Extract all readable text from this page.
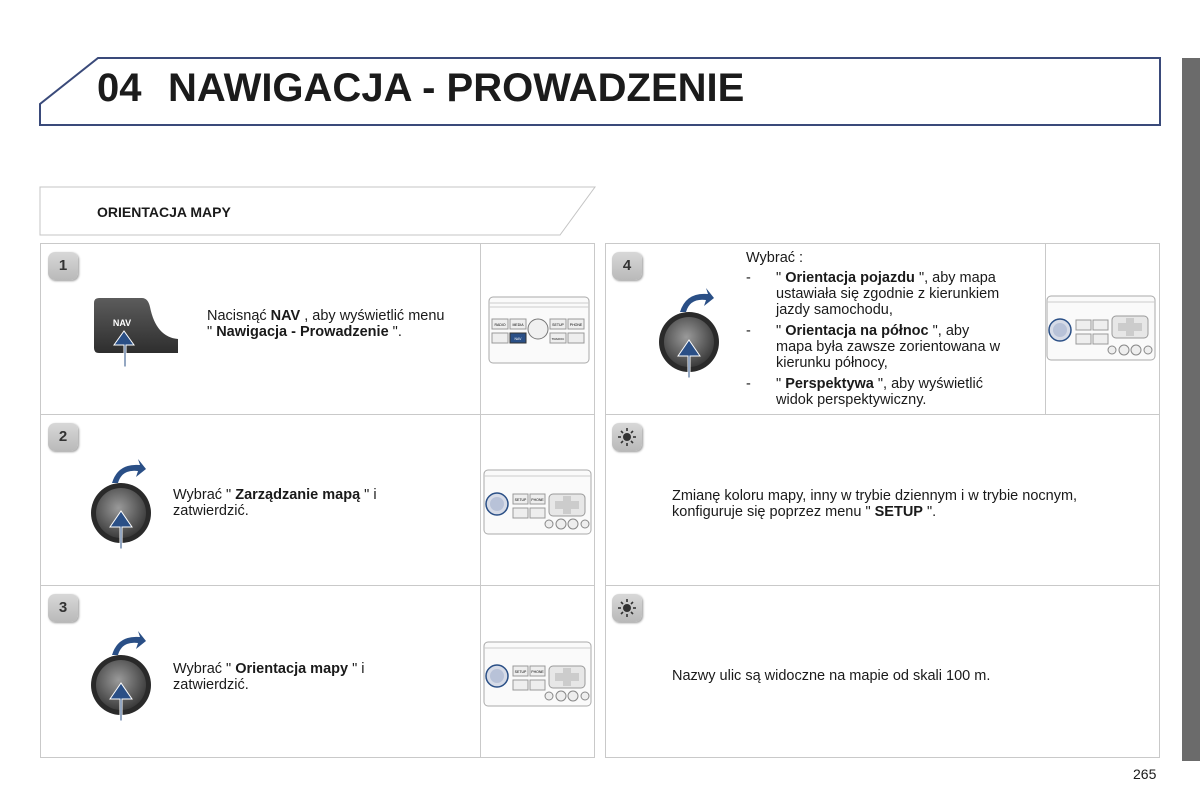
04 NAWIGACJA - PROWADZENIE
ORIENTACJA MAPY
1
2
3
4
NAV	Nacisnąć NAV , aby wyświetlić menu
" Nawigacja - Prowadzenie ".	RADIO MEDIA	SETUP PHONE
NAV	TRAFFIC
Wybrać " Zarządzanie mapą " i
zatwierdzić.
SETUP PHONE
Wybrać " Orientacja mapy " i
zatwierdzić.
SETUP PHONE
Wybrać :
- " Orientacja pojazdu ", aby mapa
ustawiała się zgodnie z kierunkiem
jazdy samochodu,
- " Orientacja na północ ", aby
mapa była zawsze zorientowana w
kierunku północy,
- " Perspektywa ", aby wyświetlić
widok perspektywiczny.
Zmianę koloru mapy, inny w trybie dziennym i w trybie nocnym,
konfiguruje się poprzez menu " SETUP ".
Nazwy ulic są widoczne na mapie od skali 100 m.
265
